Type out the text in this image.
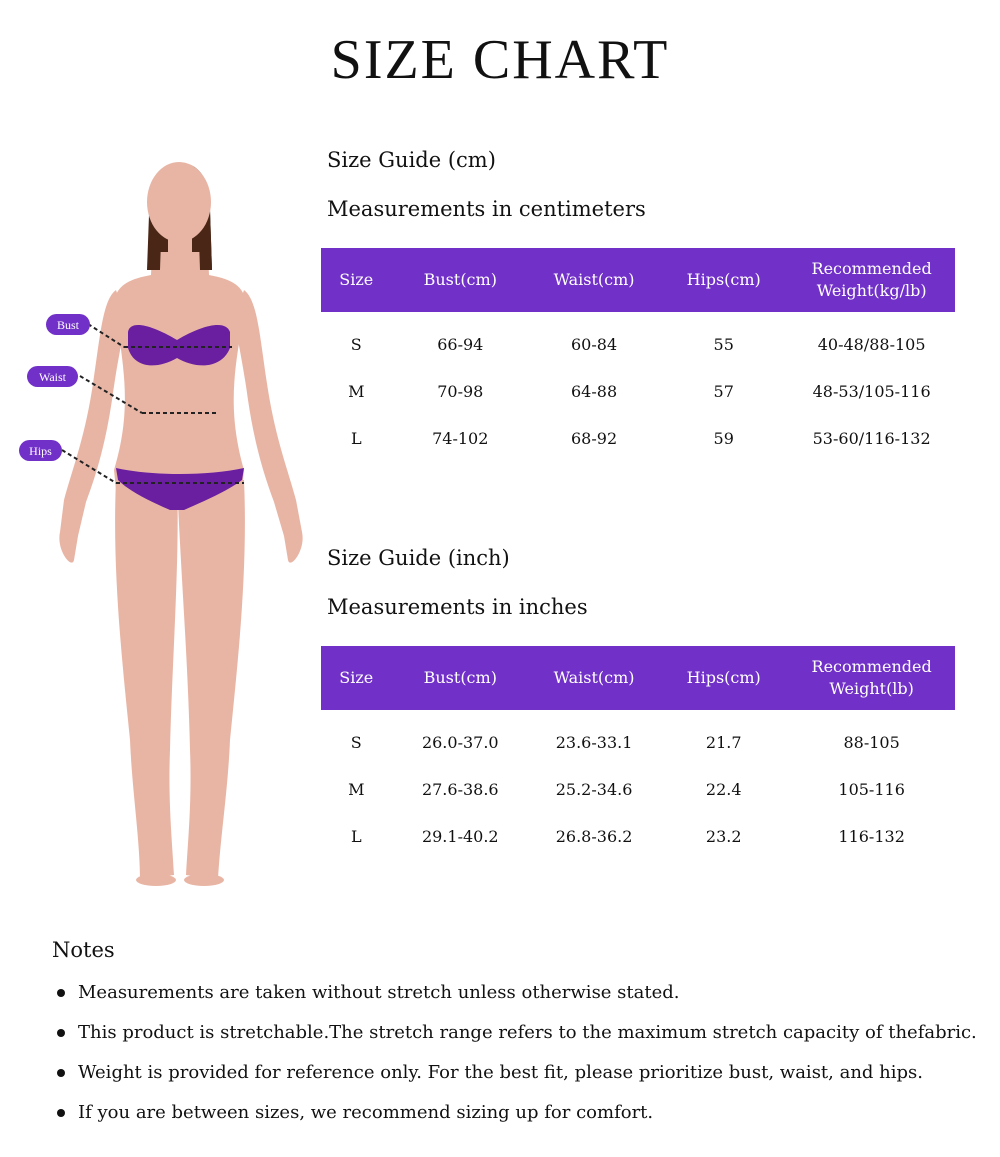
SIZE CHART
Bust
Waist
Hips
Size Guide (cm)
Measurements in centimeters
Size	Bust(cm)	Waist(cm)	Hips(cm)	Recommended
Weight(kg/lb)

S	66-94	60-84	55	40-48/88-105
M	70-98	64-88	57	48-53/105-116
L	74-102	68-92	59	53-60/116-132
Size Guide (inch)
Measurements in inches
Size	Bust(cm)	Waist(cm)	Hips(cm)	Recommended
Weight(lb)

S	26.0-37.0	23.6-33.1	21.7	88-105
M	27.6-38.6	25.2-34.6	22.4	105-116
L	29.1-40.2	26.8-36.2	23.2	116-132
Notes
Measurements are taken without stretch unless otherwise stated.
This product is stretchable.The stretch range refers to the maximum stretch capacity of thefabric.
Weight is provided for reference only. For the best fit, please prioritize bust, waist, and hips.
If you are between sizes, we recommend sizing up for comfort.
